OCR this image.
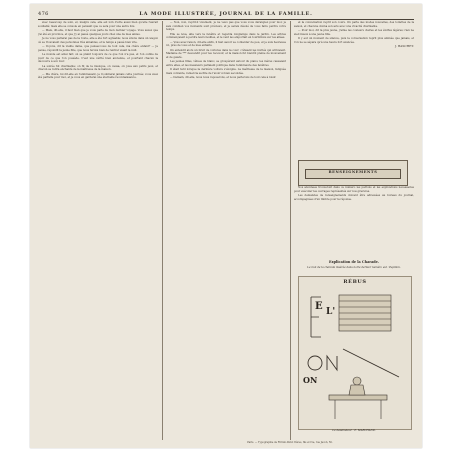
476	LA MODE ILLUSTRÉE, JOURNAL DE LA FAMILLE.

avec beaucoup de soin, et, malgré cela, elle est loin d'être aussi bien qu'elle l'aurait souhaité; mais elle se console en pensant que ce sera pour une autre fois.

— Mais, dit-elle, il faut bien que je vous parle de mon dernier voyage. Vous savez que j'ai été en province, et que j'y ai passé quelques jours chez une de mes amies.

Je ne vous parlerai pas de la route, elle a été fort agréable; nous étions dans un wagon où se trouvaient des personnes très aimables, et le temps a passé bien vite.

— Voyons, dit la vieille dame, que pensez-vous de tout cela, ma chère enfant? — Je pense, répondit la jeune fille, que nous ferons bien de rentrer avant la nuit.

Le monde est ainsi fait; on se plaint toujours de ce que l'on n'a pas, et l'on oublie de jouir de ce que l'on possède. C'est une vérité bien ancienne, et pourtant chacun la découvre à son tour.

La soirée fut charmante; on fit de la musique, on causa, on joua aux petits jeux, et chacun se retira enchanté de la maîtresse de la maison.

— Ma chère, lui dit-elle en l'embrassant, je n'oublierai jamais cette journée; vous avez été parfaite pour moi, et je vous en garderai une éternelle reconnaissance.

— Non, non, reprit-il vivement, je ne veux pas que vous vous dérangiez pour moi; je sais combien vos moments sont précieux, et je serais désolé de vous faire perdre votre temps.

Elle se leva, alla vers la fenêtre et regarda longtemps dans le jardin. Les arbres commençaient à perdre leurs feuilles, et le vent les emportait en tourbillons sur les allées.

— Vous avez raison, dit-elle enfin, il faut savoir se contenter de peu, et je suis heureuse ici, près de vous et de mes enfants.

On entendit alors un bruit de voitures dans la cour; c'étaient les invités qui arrivaient. Madame de *** descendit pour les recevoir, et la maison fut bientôt pleine de mouvement et de gaieté.

Les jeunes filles, vêtues de blanc, se groupèrent autour du piano; les mères causaient entre elles, et les messieurs parlaient politique dans l'embrasure des fenêtres.

Il était tard lorsque la dernière voiture s'éloigna. La maîtresse de la maison, fatiguée mais contente, remercia sa fille de l'avoir si bien secondée.

— Demain, dit-elle, nous nous reposerons, et nous parlerons de tout cela à loisir.

et la conversation reprit son cours. On parla des modes nouvelles, des toilettes de la saison, et chacune donna son avis avec une vivacité charmante.

— Pour moi, dit la plus jeune, j'aime les couleurs claires et les étoffes légères; rien ne sied mieux à une jeune fille.

Il y eut un moment de silence, puis la conversation reprit plus animée que jamais, et l'on ne se sépara qu'à une heure fort avancée.

J. BASCHET.

Nos abonnées trouveront dans ce numéro les patrons et les explications nécessaires pour exécuter les ouvrages représentés sur nos gravures.

Les demandes de renseignements doivent être adressées au bureau du journal, accompagnées d'un timbre pour la réponse.

RENSEIGNEMENTS
Explication de la Charade.
Le mot de la charade insérée dans notre dernier numéro est : Papillon.
RÉBUS
E L'
ON
Le dessinateur : E. MARCHAND.
Paris. — Typographie de Firmin-Didot frères, fils et Cie, rue Jacob, 56.
